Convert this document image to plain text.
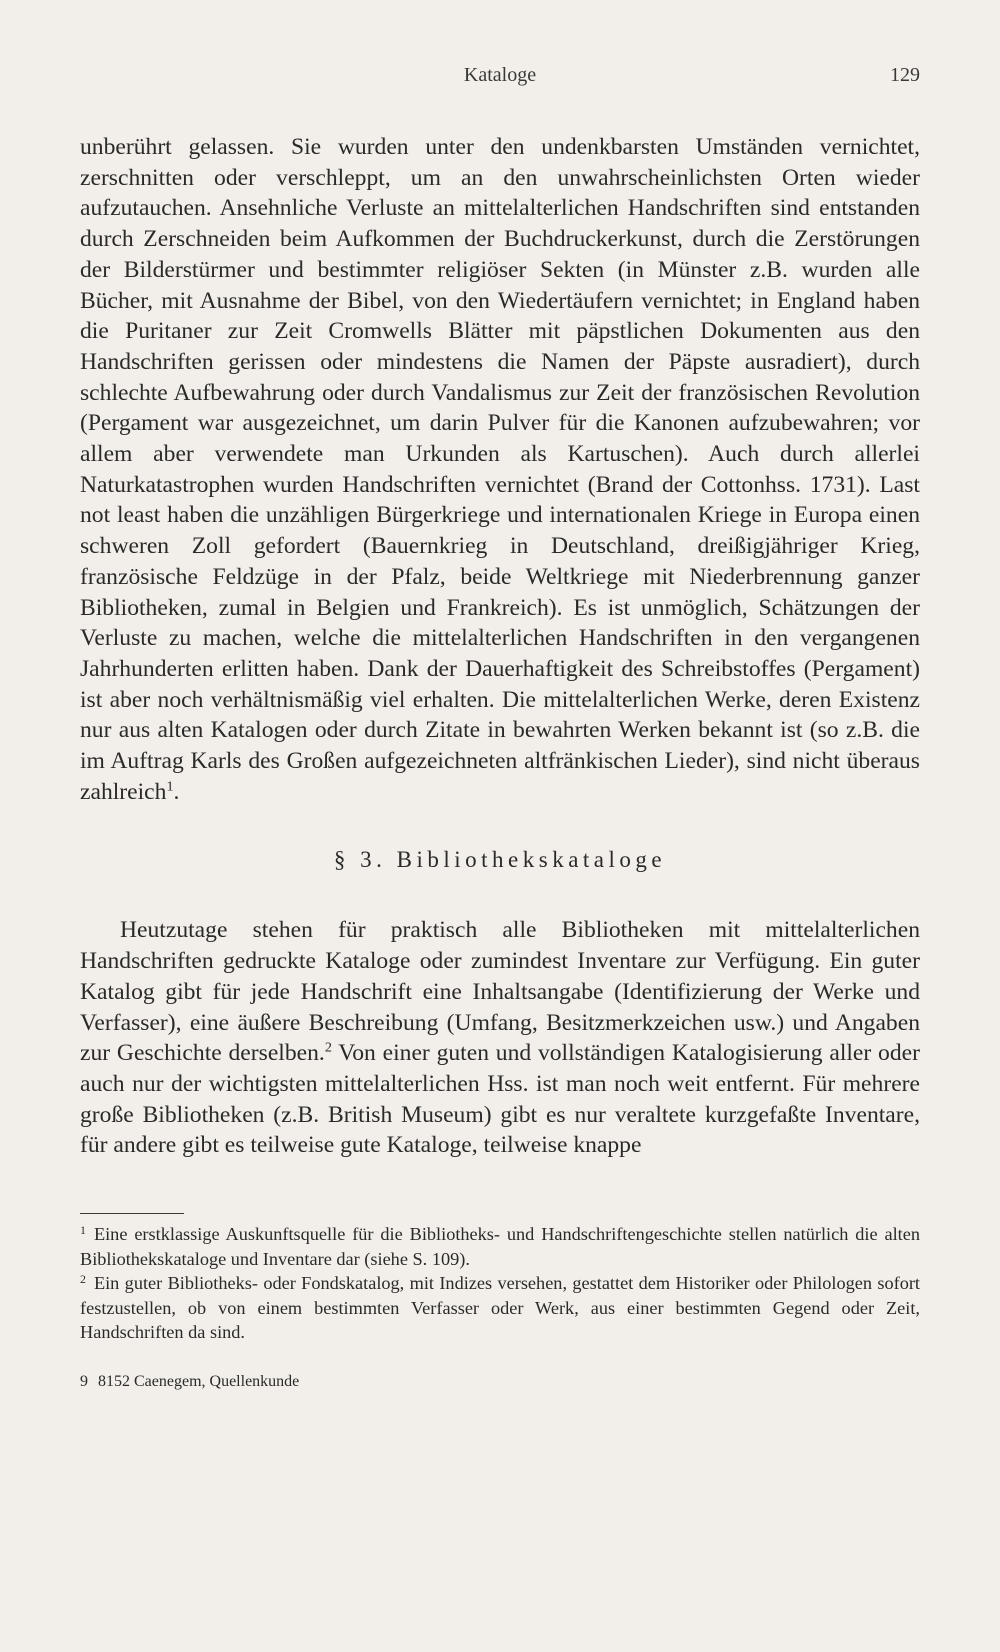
Kataloge	129

unberührt gelassen. Sie wurden unter den undenkbarsten Umständen vernichtet, zerschnitten oder verschleppt, um an den unwahrscheinlichsten Orten wieder aufzutauchen. Ansehnliche Verluste an mittelalterlichen Handschriften sind entstanden durch Zerschneiden beim Aufkommen der Buchdruckerkunst, durch die Zerstörungen der Bilderstürmer und bestimmter religiöser Sekten (in Münster z.B. wurden alle Bücher, mit Ausnahme der Bibel, von den Wiedertäufern vernichtet; in England haben die Puritaner zur Zeit Cromwells Blätter mit päpstlichen Dokumenten aus den Handschriften gerissen oder mindestens die Namen der Päpste ausradiert), durch schlechte Aufbewahrung oder durch Vandalismus zur Zeit der französischen Revolution (Pergament war ausgezeichnet, um darin Pulver für die Kanonen aufzubewahren; vor allem aber verwendete man Urkunden als Kartuschen). Auch durch allerlei Naturkatastrophen wurden Handschriften vernichtet (Brand der Cottonhss. 1731). Last not least haben die unzähligen Bürgerkriege und internationalen Kriege in Europa einen schweren Zoll gefordert (Bauernkrieg in Deutschland, dreißigjähriger Krieg, französische Feldzüge in der Pfalz, beide Weltkriege mit Niederbrennung ganzer Bibliotheken, zumal in Belgien und Frankreich). Es ist unmöglich, Schätzungen der Verluste zu machen, welche die mittelalterlichen Handschriften in den vergangenen Jahrhunderten erlitten haben. Dank der Dauerhaftigkeit des Schreibstoffes (Pergament) ist aber noch verhältnismäßig viel erhalten. Die mittelalterlichen Werke, deren Existenz nur aus alten Katalogen oder durch Zitate in bewahrten Werken bekannt ist (so z.B. die im Auftrag Karls des Großen aufgezeichneten altfränkischen Lieder), sind nicht überaus zahlreich$^1$.

§ 3. Bibliothekskataloge

Heutzutage stehen für praktisch alle Bibliotheken mit mittelalterlichen Handschriften gedruckte Kataloge oder zumindest Inventare zur Verfügung. Ein guter Katalog gibt für jede Handschrift eine Inhaltsangabe (Identifizierung der Werke und Verfasser), eine äußere Beschreibung (Umfang, Besitzmerkzeichen usw.) und Angaben zur Geschichte derselben.$^2$ Von einer guten und vollständigen Katalogisierung aller oder auch nur der wichtigsten mittelalterlichen Hss. ist man noch weit entfernt. Für mehrere große Bibliotheken (z.B. British Museum) gibt es nur veraltete kurzgefaßte Inventare, für andere gibt es teilweise gute Kataloge, teilweise knappe

$^1$ Eine erstklassige Auskunftsquelle für die Bibliotheks- und Handschriftengeschichte stellen natürlich die alten Bibliothekskataloge und Inventare dar (siehe S. 109).

$^2$ Ein guter Bibliotheks- oder Fondskatalog, mit Indizes versehen, gestattet dem Historiker oder Philologen sofort festzustellen, ob von einem bestimmten Verfasser oder Werk, aus einer bestimmten Gegend oder Zeit, Handschriften da sind.

9 8152 Caenegem, Quellenkunde
